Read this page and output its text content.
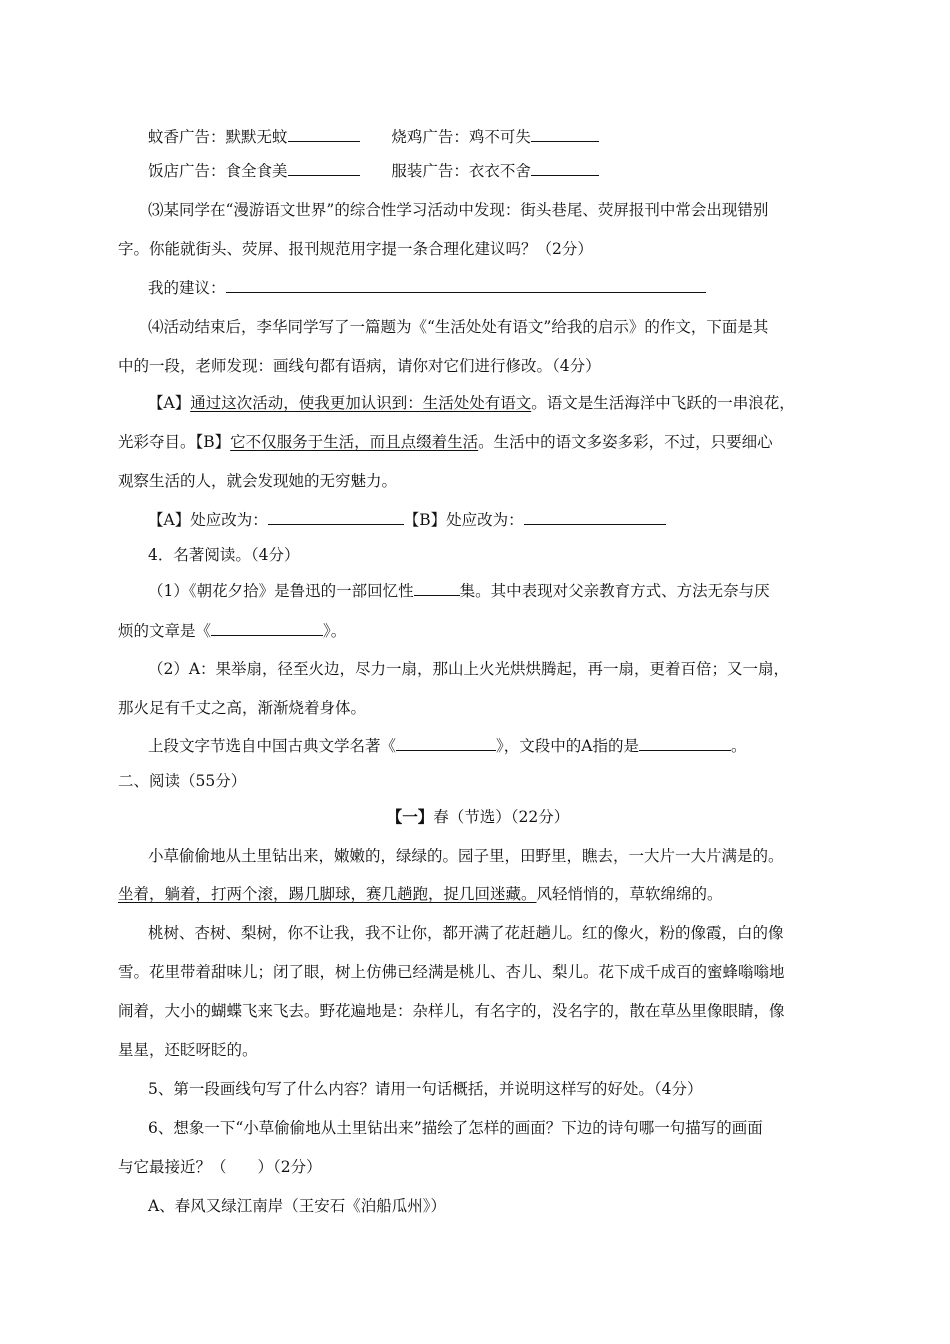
蚊香广告：默默无蚊	烧鸡广告：鸡不可失
饭店广告：食全食美	服装广告：衣衣不舍
⑶某同学在“漫游语文世界”的综合性学习活动中发现：街头巷尾、荧屏报刊中常会出现错别
字。你能就街头、荧屏、报刊规范用字提一条合理化建议吗？（2分）
我的建议：
⑷活动结束后，李华同学写了一篇题为《“生活处处有语文”给我的启示》的作文，下面是其
中的一段，老师发现：画线句都有语病，请你对它们进行修改。（4分）
【A】通过这次活动，使我更加认识到：生活处处有语文。语文是生活海洋中飞跃的一串浪花，
光彩夺目。【B】它不仅服务于生活，而且点缀着生活。生活中的语文多姿多彩，不过，只要细心
观察生活的人，就会发现她的无穷魅力。
【A】处应改为：	【B】处应改为：
4．名著阅读。（4分）
（1）《朝花夕拾》是鲁迅的一部回忆性	集。其中表现对父亲教育方式、方法无奈与厌
烦的文章是《	》。
（2）A：果举扇，径至火边，尽力一扇，那山上火光烘烘腾起，再一扇，更着百倍；又一扇，
那火足有千丈之高，渐渐烧着身体。
上段文字节选自中国古典文学名著《	》，文段中的A指的是	。
二、阅读（55分）
【一】春（节选）（22分）
小草偷偷地从土里钻出来，嫩嫩的，绿绿的。园子里，田野里，瞧去，一大片一大片满是的。
坐着，躺着，打两个滚，踢几脚球，赛几趟跑，捉几回迷藏。风轻悄悄的，草软绵绵的。
桃树、杏树、梨树，你不让我，我不让你，都开满了花赶趟儿。红的像火，粉的像霞，白的像
雪。花里带着甜味儿；闭了眼，树上仿佛已经满是桃儿、杏儿、梨儿。花下成千成百的蜜蜂嗡嗡地
闹着，大小的蝴蝶飞来飞去。野花遍地是：杂样儿，有名字的，没名字的，散在草丛里像眼睛，像
星星，还眨呀眨的。
5、第一段画线句写了什么内容？请用一句话概括，并说明这样写的好处。（4分）
6、想象一下“小草偷偷地从土里钻出来”描绘了怎样的画面？下边的诗句哪一句描写的画面
与它最接近？（　　）（2分）
A、春风又绿江南岸（王安石《泊船瓜州》）
